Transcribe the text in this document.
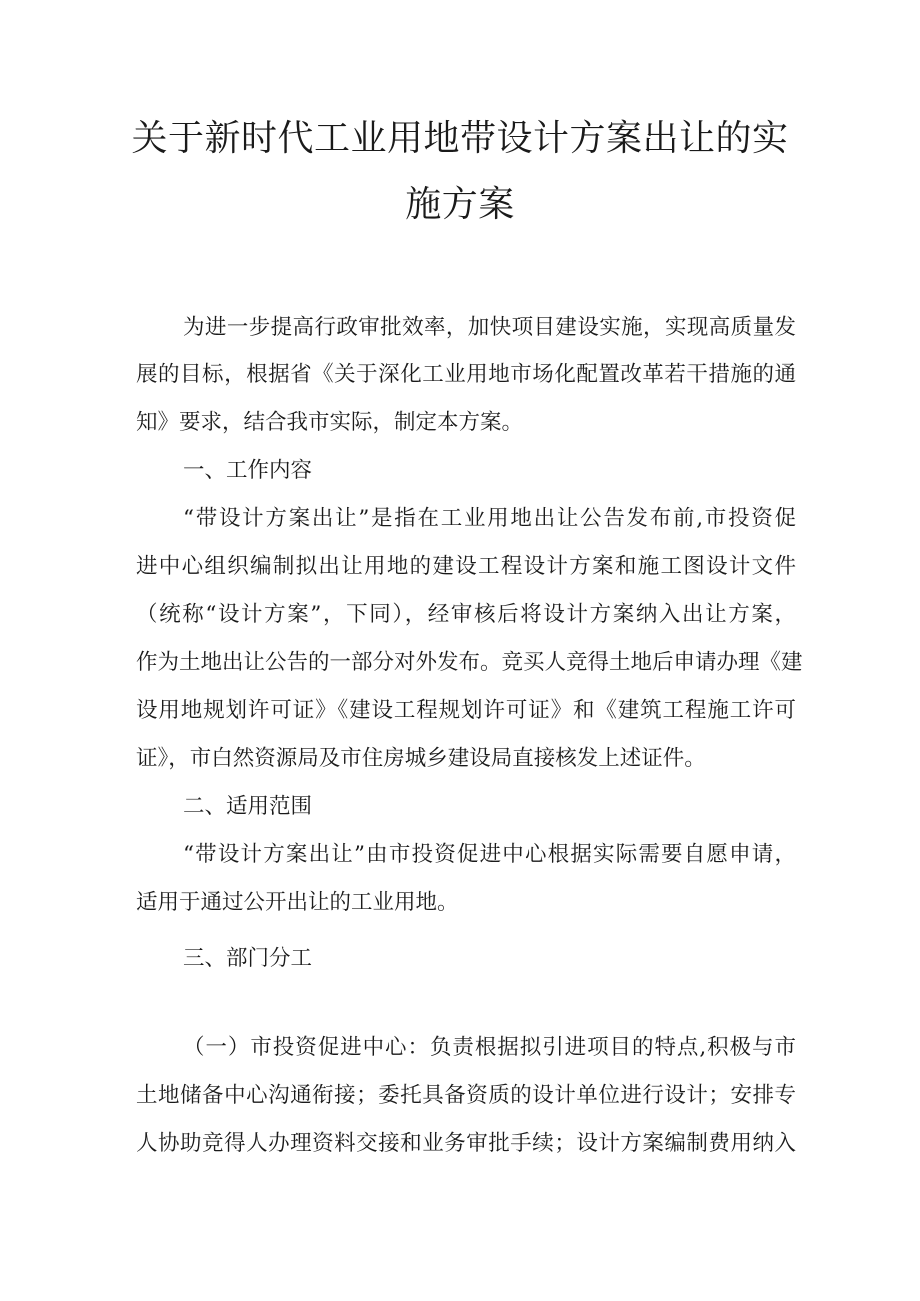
关于新时代工业用地带设计方案出让的实
施方案

为进一步提高行政审批效率，加快项目建设实施，实现高质量发

展的目标，根据省《关于深化工业用地市场化配置改革若干措施的通

知》要求，结合我市实际，制定本方案。

一、工作内容

“带设计方案出让”是指在工业用地出让公告发布前,市投资促

进中心组织编制拟出让用地的建设工程设计方案和施工图设计文件

（统称“设计方案”，下同），经审核后将设计方案纳入出让方案，

作为土地出让公告的一部分对外发布。竞买人竞得土地后申请办理《建

设用地规划许可证》《建设工程规划许可证》和《建筑工程施工许可

证》，市白然资源局及市住房城乡建设局直接核发上述证件。

二、适用范围

“带设计方案出让”由市投资促进中心根据实际需要自愿申请，

适用于通过公开出让的工业用地。

三、部门分工

（一）市投资促进中心：负责根据拟引进项目的特点,积极与市

土地储备中心沟通衔接；委托具备资质的设计单位进行设计；安排专

人协助竞得人办理资料交接和业务审批手续；设计方案编制费用纳入
